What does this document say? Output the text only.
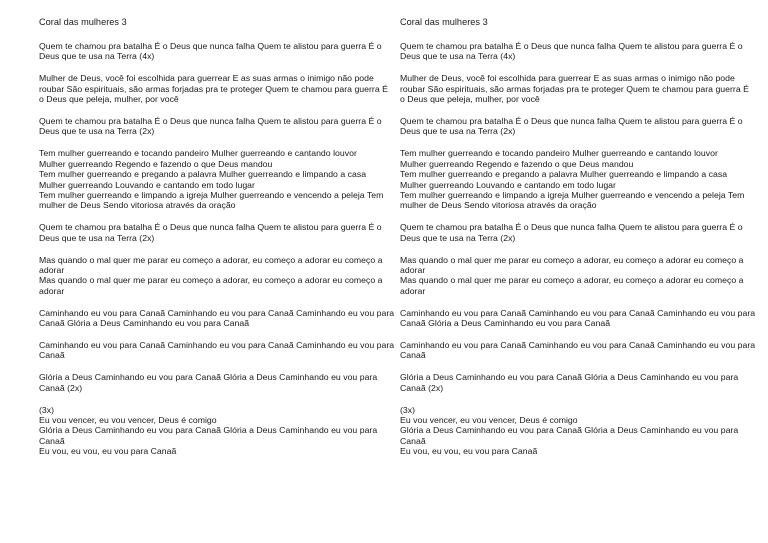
Coral das mulheres 3
Quem te chamou pra batalha É o Deus que nunca falha Quem te alistou para guerra É o Deus que te usa na Terra (4x)
Mulher de Deus, você foi escolhida para guerrear E as suas armas o inimigo não pode roubar São espirituais, são armas forjadas pra te proteger Quem te chamou para guerra É o Deus que peleja, mulher, por você
Quem te chamou pra batalha É o Deus que nunca falha Quem te alistou para guerra É o Deus que te usa na Terra (2x)
Tem mulher guerreando e tocando pandeiro Mulher guerreando e cantando louvor
Mulher guerreando Regendo e fazendo o que Deus mandou
Tem mulher guerreando e pregando a palavra Mulher guerreando e limpando a casa
Mulher guerreando Louvando e cantando em todo lugar
Tem mulher guerreando e limpando a igreja Mulher guerreando e vencendo a peleja Tem mulher de Deus Sendo vitoriosa através da oração
Quem te chamou pra batalha É o Deus que nunca falha Quem te alistou para guerra É o Deus que te usa na Terra (2x)
Mas quando o mal quer me parar eu começo a adorar, eu começo a adorar eu começo a adorar
Mas quando o mal quer me parar eu começo a adorar, eu começo a adorar eu começo a adorar
Caminhando eu vou para Canaã Caminhando eu vou para Canaã Caminhando eu vou para Canaã Glória a Deus Caminhando eu vou para Canaã
Caminhando eu vou para Canaã Caminhando eu vou para Canaã Caminhando eu vou para Canaã
Glória a Deus Caminhando eu vou para Canaã Glória a Deus Caminhando eu vou para Canaã (2x)
(3x)
Eu vou vencer, eu vou vencer, Deus é comigo
Glória a Deus Caminhando eu vou para Canaã Glória a Deus Caminhando eu vou para Canaã
Eu vou, eu vou, eu vou para Canaã
Coral das mulheres 3
Quem te chamou pra batalha É o Deus que nunca falha Quem te alistou para guerra É o Deus que te usa na Terra (4x)
Mulher de Deus, você foi escolhida para guerrear E as suas armas o inimigo não pode roubar São espirituais, são armas forjadas pra te proteger Quem te chamou para guerra É o Deus que peleja, mulher, por você
Quem te chamou pra batalha É o Deus que nunca falha Quem te alistou para guerra É o Deus que te usa na Terra (2x)
Tem mulher guerreando e tocando pandeiro Mulher guerreando e cantando louvor
Mulher guerreando Regendo e fazendo o que Deus mandou
Tem mulher guerreando e pregando a palavra Mulher guerreando e limpando a casa
Mulher guerreando Louvando e cantando em todo lugar
Tem mulher guerreando e limpando a igreja Mulher guerreando e vencendo a peleja Tem mulher de Deus Sendo vitoriosa através da oração
Quem te chamou pra batalha É o Deus que nunca falha Quem te alistou para guerra É o Deus que te usa na Terra (2x)
Mas quando o mal quer me parar eu começo a adorar, eu começo a adorar eu começo a adorar
Mas quando o mal quer me parar eu começo a adorar, eu começo a adorar eu começo a adorar
Caminhando eu vou para Canaã Caminhando eu vou para Canaã Caminhando eu vou para Canaã Glória a Deus Caminhando eu vou para Canaã
Caminhando eu vou para Canaã Caminhando eu vou para Canaã Caminhando eu vou para Canaã
Glória a Deus Caminhando eu vou para Canaã Glória a Deus Caminhando eu vou para Canaã (2x)
(3x)
Eu vou vencer, eu vou vencer, Deus é comigo
Glória a Deus Caminhando eu vou para Canaã Glória a Deus Caminhando eu vou para Canaã
Eu vou, eu vou, eu vou para Canaã
